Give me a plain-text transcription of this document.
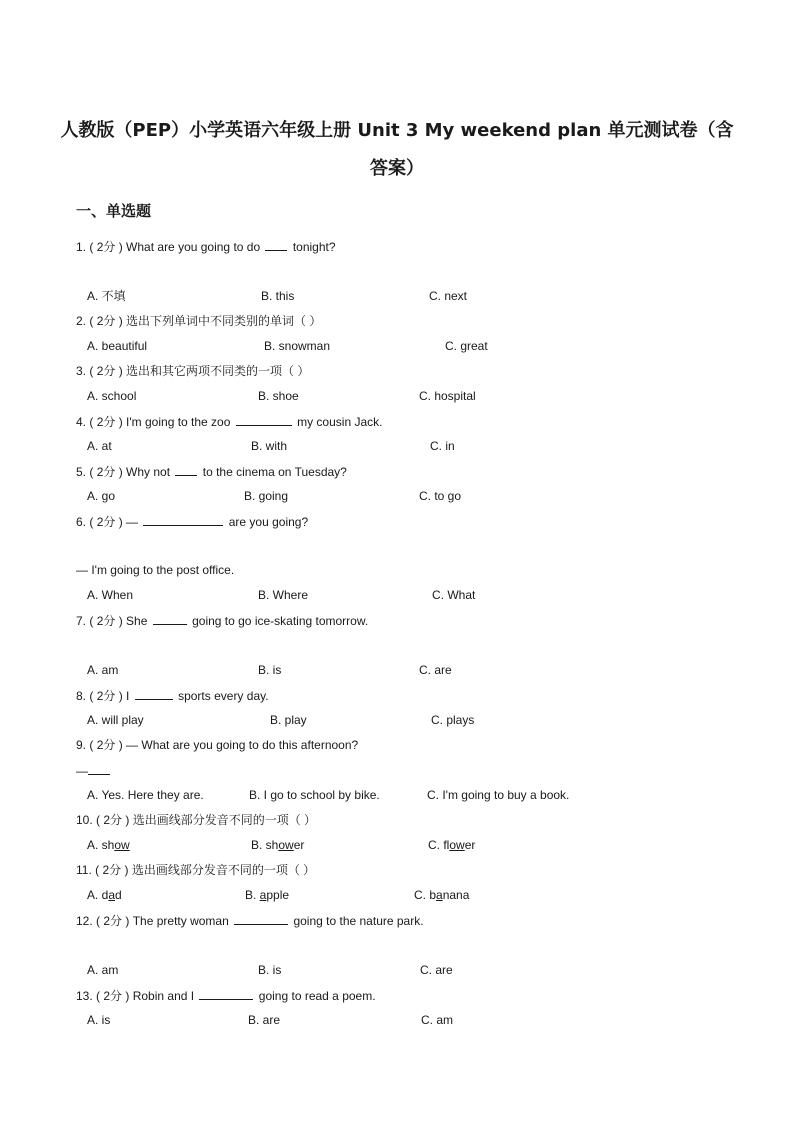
人教版（PEP）小学英语六年级上册 Unit 3 My weekend plan 单元测试卷（含答案）
一、单选题
1. ( 2分 ) What are you going to do	tonight?
A. 不填	B. this	C. next
2. ( 2分 ) 选出下列单词中不同类别的单词（ ）
A. beautiful	B. snowman	C. great
3. ( 2分 ) 选出和其它两项不同类的一项（ ）
A. school	B. shoe	C. hospital
4. ( 2分 ) I'm going to the zoo	my cousin Jack.
A. at	B. with	C. in
5. ( 2分 ) Why not	to the cinema on Tuesday?
A. go	B. going	C. to go
6. ( 2分 ) —	are you going?
— I'm going to the post office.
A. When	B. Where	C. What
7. ( 2分 ) She	going to go ice-skating tomorrow.
A. am	B. is	C. are
8. ( 2分 ) I	sports every day.
A. will play	B. play	C. plays
9. ( 2分 ) — What are you going to do this afternoon?
—
A. Yes. Here they are.	B. I go to school by bike.	C. I'm going to buy a book.
10. ( 2分 ) 选出画线部分发音不同的一项（ ）
A. show	B. shower	C. flower
11. ( 2分 ) 选出画线部分发音不同的一项（ ）
A. dad	B. apple	C. banana
12. ( 2分 ) The pretty woman	going to the nature park.
A. am	B. is	C. are
13. ( 2分 ) Robin and I	going to read a poem.
A. is	B. are	C. am
